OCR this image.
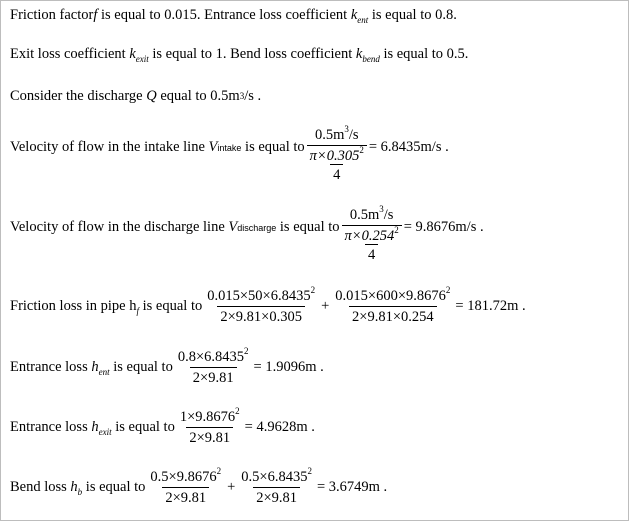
Friction factor f is equal to 0.015. Entrance loss coefficient k ent is equal to 0.8.
Exit loss coefficient k exit is equal to 1. Bend loss coefficient k bend is equal to 0.5.
Consider the discharge Q equal to $0.5m^3$ /s .
Velocity of flow in the intake line V intake is equal to $0.5m^3/s$
$\pi\times 0.305^2$
4 = 6.8435m/s .
Velocity of flow in the discharge line V discharge is equal to $0.5m^3/s$
$\pi\times 0.254^2$
4 = 9.8676m/s .
Friction loss in pipe h f is equal to $\frac{0.015\times 50\times 6.8435^2}{2\times 9.81\times 0.305} + \frac{0.015\times 600\times 9.8676^2}{2\times 9.81\times 0.254} = 181.72m$ .
Entrance loss h ent is equal to $\frac{0.8\times 6.8435^2}{2\times 9.81} = 1.9096m$ .
Entrance loss h exit is equal to $\frac{1\times 9.8676^2}{2\times 9.81} = 4.9628m$ .
Bend loss h b is equal to $\frac{0.5\times 9.8676^2}{2\times 9.81} + \frac{0.5\times 6.8435^2}{2\times 9.81} = 3.6749m$ .
